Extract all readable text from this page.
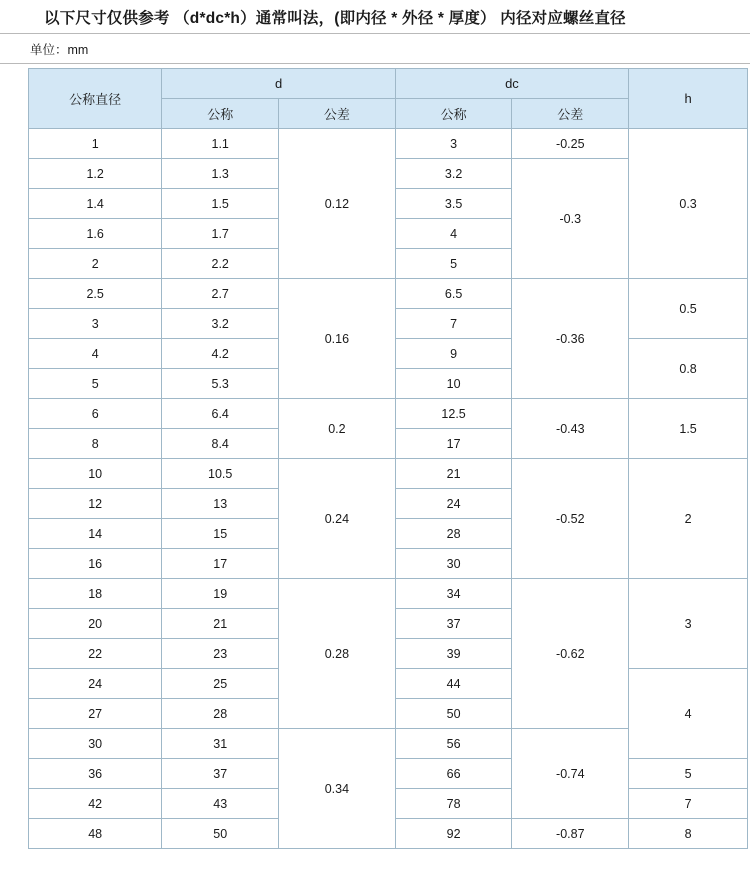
以下尺寸仅供参考 （d*dc*h）通常叫法，(即内径 * 外径 * 厚度） 内径对应螺丝直径
单位：mm
公称直径	d		dc		h
	公称	公差	公称	公差	
1	1.1	0.12	3	-0.25	0.3
1.2	1.3		3.2	-0.3	
1.4	1.5		3.5		
1.6	1.7		4		
2	2.2		5		
2.5	2.7	0.16	6.5	-0.36	0.5
3	3.2		7		
4	4.2		9		0.8
5	5.3		10		
6	6.4	0.2	12.5	-0.43	1.5
8	8.4		17		
10	10.5	0.24	21	-0.52	2
12	13		24		
14	15		28		
16	17		30		
18	19	0.28	34	-0.62	3
20	21		37		
22	23		39		
24	25		44		4
27	28		50		
30	31	0.34	56	-0.74	
36	37		66		5
42	43		78		7
48	50		92	-0.87	8
